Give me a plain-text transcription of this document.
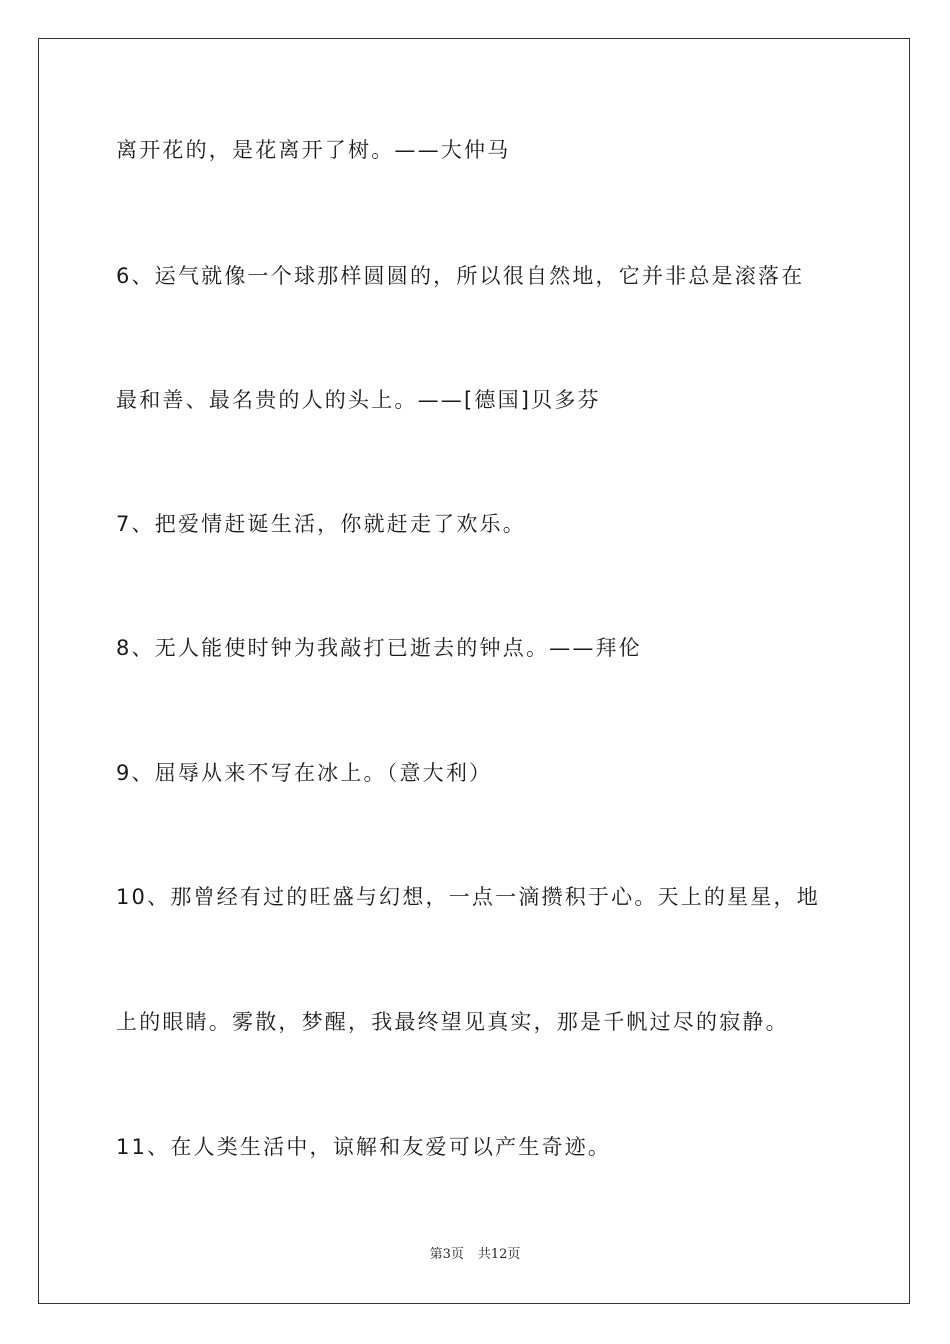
离开花的，是花离开了树。——大仲马
6、运气就像一个球那样圆圆的，所以很自然地，它并非总是滚落在
最和善、最名贵的人的头上。——[德国]贝多芬
7、把爱情赶诞生活，你就赶走了欢乐。
8、无人能使时钟为我敲打已逝去的钟点。——拜伦
9、屈辱从来不写在冰上。（意大利）
10、那曾经有过的旺盛与幻想，一点一滴攒积于心。天上的星星，地
上的眼睛。雾散，梦醒，我最终望见真实，那是千帆过尽的寂静。
11、在人类生活中，谅解和友爱可以产生奇迹。
第3页 共12页
